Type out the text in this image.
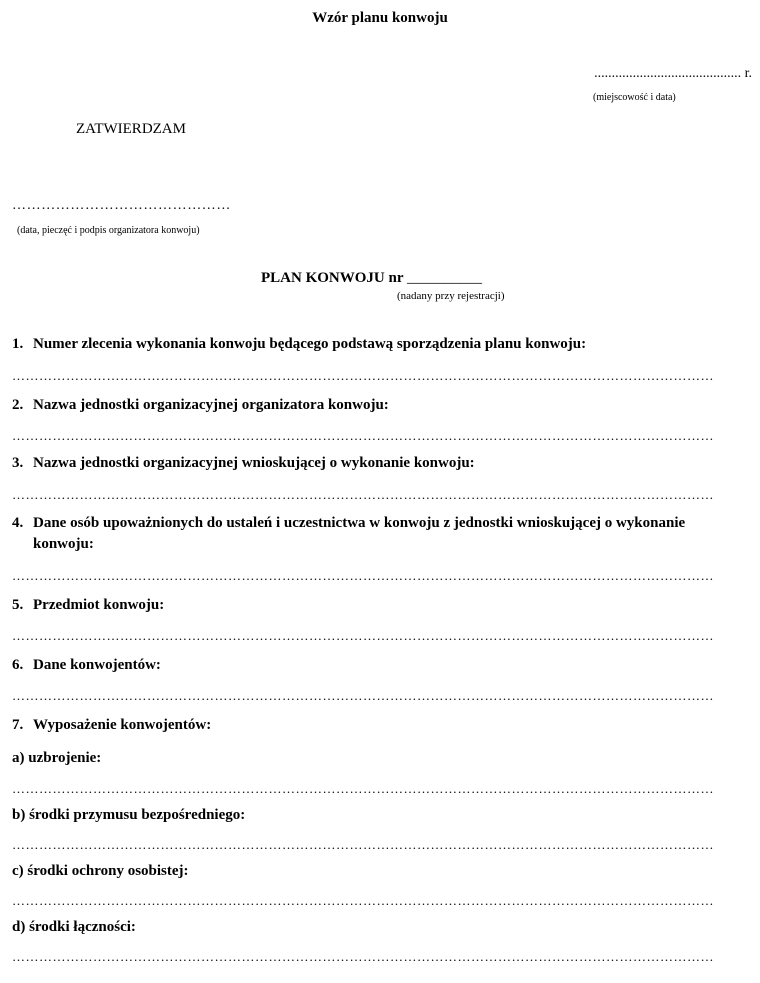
Wzór planu konwoju
.......................................... r.
(miejscowość i data)
ZATWIERDZAM
………………………………………
(data, pieczęć i podpis organizatora konwoju)
PLAN KONWOJU nr __________
(nadany przy rejestracji)
1. Numer zlecenia wykonania konwoju będącego podstawą sporządzenia planu konwoju:
…………………………………………………………………………………………………………………………………………
2. Nazwa jednostki organizacyjnej organizatora konwoju:
…………………………………………………………………………………………………………………………………………
3. Nazwa jednostki organizacyjnej wnioskującej o wykonanie konwoju:
…………………………………………………………………………………………………………………………………………
4. Dane osób upoważnionych do ustaleń i uczestnictwa w konwoju z jednostki wnioskującej o wykonanie
konwoju:
…………………………………………………………………………………………………………………………………………
5. Przedmiot konwoju:
…………………………………………………………………………………………………………………………………………
6. Dane konwojentów:
…………………………………………………………………………………………………………………………………………
7. Wyposażenie konwojentów:
a) uzbrojenie:
…………………………………………………………………………………………………………………………………………
b) środki przymusu bezpośredniego:
…………………………………………………………………………………………………………………………………………
c) środki ochrony osobistej:
…………………………………………………………………………………………………………………………………………
d) środki łączności:
…………………………………………………………………………………………………………………………………………
